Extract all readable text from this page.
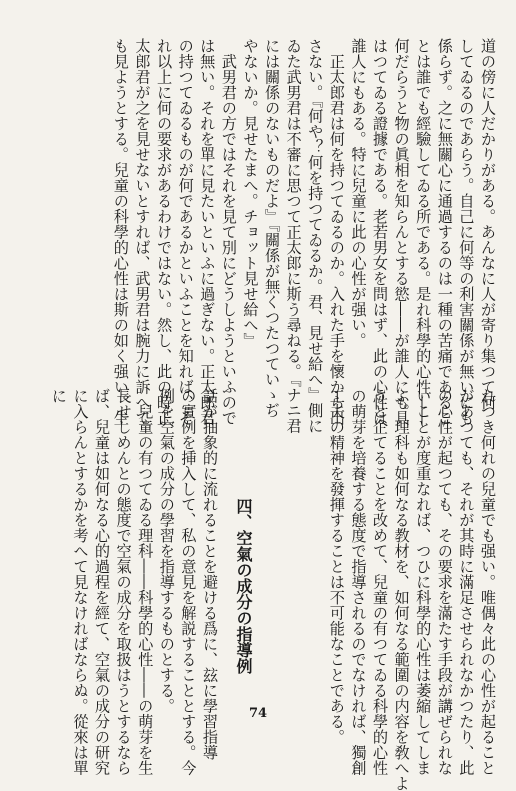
道の傍に人だかりがある。あんなに人が寄り集つて何

してゐるのであらう。自己に何等の利害關係が無いにも

係らず。之に無關心に通過するのは一種の苦痛であるこ

とは誰でも經驗してゐる所である。是れ科學的心性――

何だらうと物の眞相を知らんとする慾――が誰人にも具

はつてゐる證據である。老若男女を問はず、此の心性は

誰人にもある。特に兒童に此の心性が强い。

　正太郎君は何を持つてゐるのか。入れた手を懷から出

さない。『何や？何を持つてゐるか。君、見せ給へ』側に

ゐた武男君は不審に思つて正太郎に斯う尋ねる。『ナニ君

には關係のないものだよ』『關係が無くつたつていゝぢ

やないか。見せたまへ。チョット見せ給へ』

　武男君の方ではそれを見て別にどうしようといふので

は無い。それを單に見たいといふに過ぎない。正太郎君

の持つてゐるものが何であるかといふことを知れば、そ

れ以上に何の要求があるわけではない。然し、此の時正

太郎君が之を見せないとすれば、武男君は腕力に訴へて

も見ようとする。兒童の科學的心性は斯の如く强い。生

れつき何れの兒童でも强い。唯偶々此の心性が起ること

があつても、それが其時に滿足させられなかつたり、此

の心性が起つても、その要求を滿たす手段が講ぜられな

いことが度重なれば、つひに科學的心性は萎縮してしま

ふ。理科も如何なる教材を、如何なる範圍の内容を敎へよ

うと企てることを改めて、兒童の有つてゐる科學的心性

の萌芽を培養する態度で指導されるのでなければ、獨創

工夫の精神を發揮することは不可能なことである。

四、空氣の成分の指導例

話が抽象的に流れることを避ける爲に、玆に學習指導

の實例を挿入して、私の意見を解説することとする。今

例を空氣の成分の學習を指導するものとする。

　兒童の有つてゐる理科――科學的心性――の萌芽を生

長せしめんとの態度で空氣の成分を取扱はうとするなら

ば、兒童は如何なる心的過程を經て、空氣の成分の研究

に入らんとするかを考へて見なければならぬ。從來は單

に

74
